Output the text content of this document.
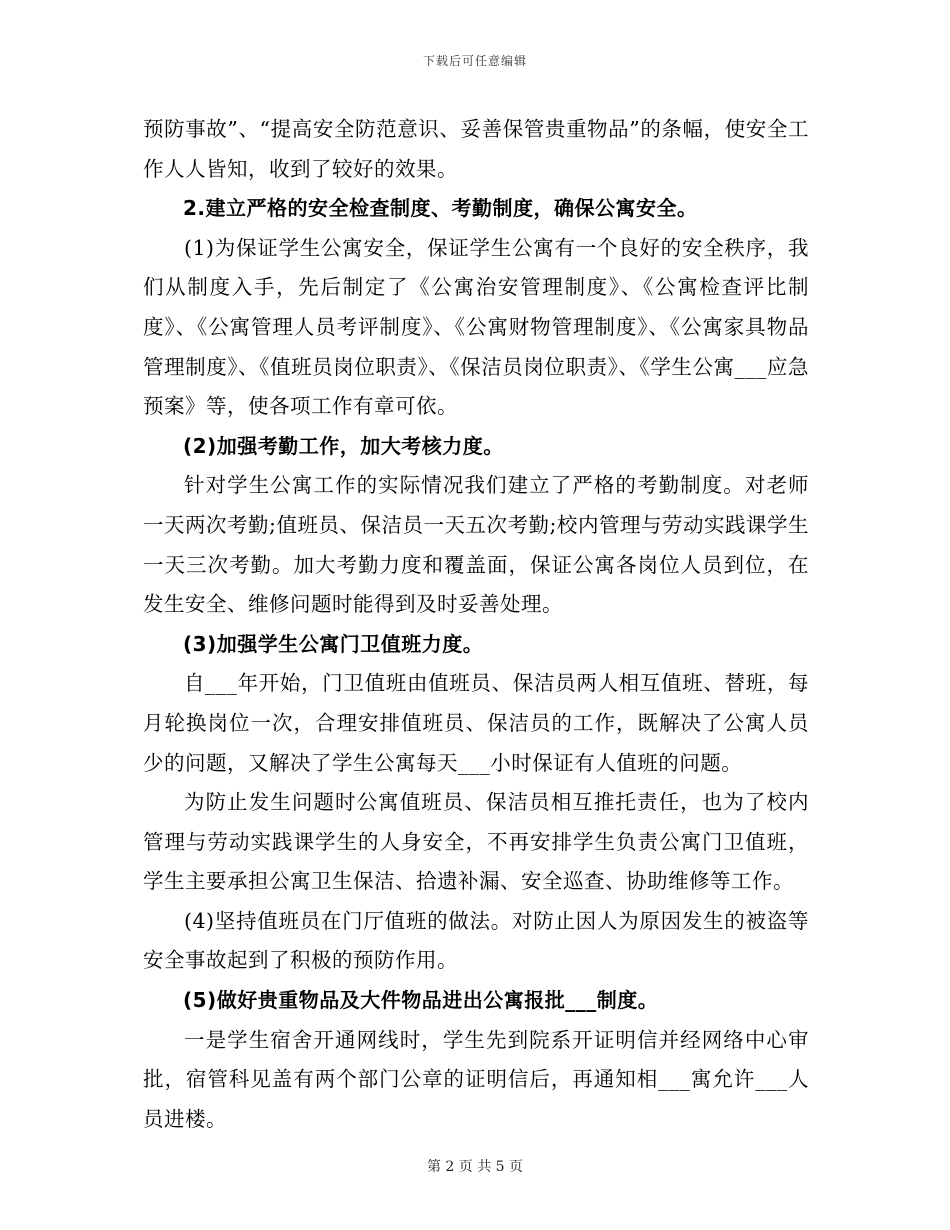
下载后可任意编辑

预防事故”、“提高安全防范意识、妥善保管贵重物品”的条幅，使安全工作人人皆知，收到了较好的效果。

2.建立严格的安全检查制度、考勤制度，确保公寓安全。

(1)为保证学生公寓安全，保证学生公寓有一个良好的安全秩序，我们从制度入手，先后制定了《公寓治安管理制度》、《公寓检查评比制度》、《公寓管理人员考评制度》、《公寓财物管理制度》、《公寓家具物品管理制度》、《值班员岗位职责》、《保洁员岗位职责》、《学生公寓___应急预案》等，使各项工作有章可依。

(2)加强考勤工作，加大考核力度。

针对学生公寓工作的实际情况我们建立了严格的考勤制度。对老师一天两次考勤;值班员、保洁员一天五次考勤;校内管理与劳动实践课学生一天三次考勤。加大考勤力度和覆盖面，保证公寓各岗位人员到位，在发生安全、维修问题时能得到及时妥善处理。

(3)加强学生公寓门卫值班力度。

自___年开始，门卫值班由值班员、保洁员两人相互值班、替班，每月轮换岗位一次，合理安排值班员、保洁员的工作，既解决了公寓人员少的问题，又解决了学生公寓每天___小时保证有人值班的问题。

为防止发生问题时公寓值班员、保洁员相互推托责任，也为了校内管理与劳动实践课学生的人身安全，不再安排学生负责公寓门卫值班，学生主要承担公寓卫生保洁、拾遗补漏、安全巡查、协助维修等工作。

(4)坚持值班员在门厅值班的做法。对防止因人为原因发生的被盗等安全事故起到了积极的预防作用。

(5)做好贵重物品及大件物品进出公寓报批___制度。

一是学生宿舍开通网线时，学生先到院系开证明信并经网络中心审批，宿管科见盖有两个部门公章的证明信后，再通知相___寓允许___人员进楼。

第 2 页 共 5 页
